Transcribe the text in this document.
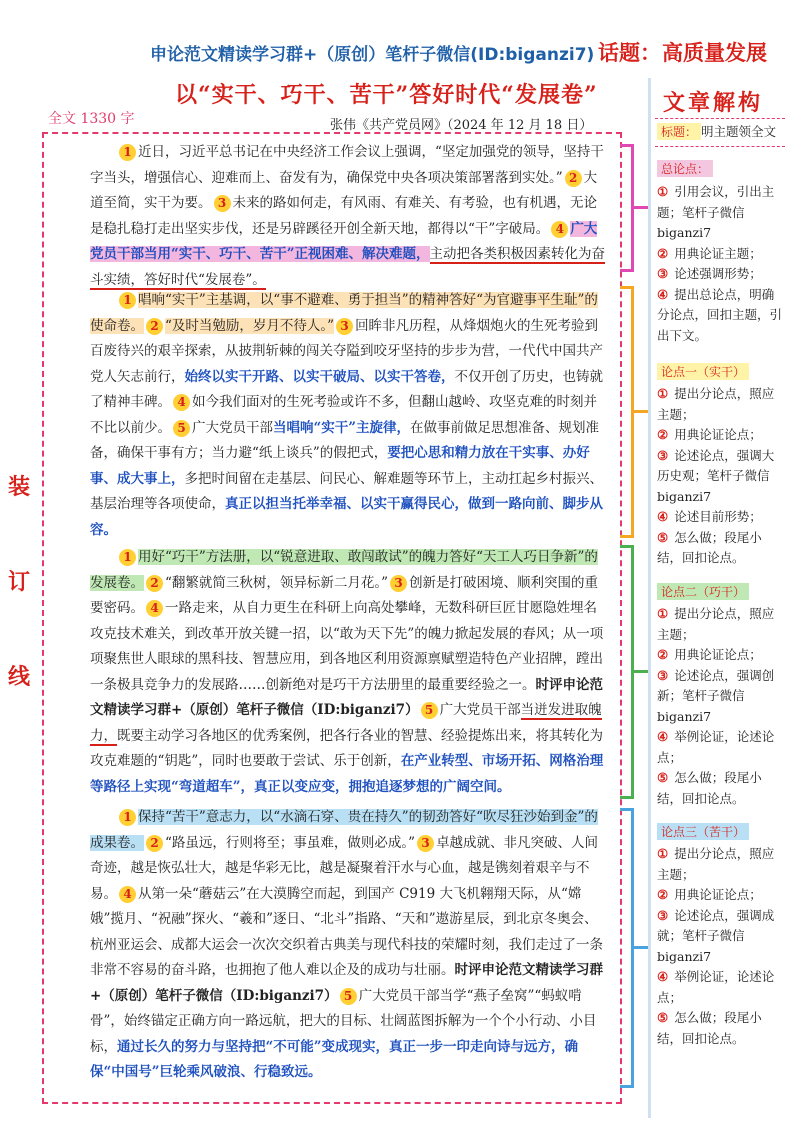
申论范文精读学习群+（原创）笔杆子微信(ID:biganzi7) 话题： 高质量发展
以“实干、巧干、苦干”答好时代“发展卷”
全文 1330 字	张伟《共产党员网》（2024 年 12 月 18 日）
装
订
线

1 近日，习近平总书记在中央经济工作会议上强调，“坚定加强党的领导，坚持干字当头，增强信心、迎难而上、奋发有为，确保党中央各项决策部署落到实处。” 2 大道至简，实干为要。 3 未来的路如何走，有风雨、有难关、有考验，也有机遇，无论是稳扎稳打走出坚实步伐，还是另辟蹊径开创全新天地，都得以“干”字破局。 4 广大党员干部当用“实干、巧干、苦干”正视困难、解决难题，主动把各类积极因素转化为奋斗实绩，答好时代“发展卷”。

1 唱响“实干”主基调，以“事不避难、勇于担当”的精神答好“为官避事平生耻”的使命卷。 2 “及时当勉励，岁月不待人。” 3 回眸非凡历程，从烽烟炮火的生死考验到百废待兴的艰辛探索，从披荆斩棘的闯关夺隘到咬牙坚持的步步为营，一代代中国共产党人矢志前行，始终以实干开路、以实干破局、以实干答卷，不仅开创了历史，也铸就了精神丰碑。 4 如今我们面对的生死考验或许不多，但翻山越岭、攻坚克难的时刻并不比以前少。 5 广大党员干部当唱响“实干”主旋律，在做事前做足思想准备、规划准备，确保干事有方；当力避“纸上谈兵”的假把式，要把心思和精力放在干实事、办好事、成大事上，多把时间留在走基层、问民心、解难题等环节上，主动扛起乡村振兴、基层治理等各项使命，真正以担当托举幸福、以实干赢得民心，做到一路向前、脚步从容。

1 用好“巧干”方法册，以“锐意进取、敢闯敢试”的魄力答好“天工人巧日争新”的发展卷。 2 “翻繁就简三秋树，领异标新二月花。” 3 创新是打破困境、顺利突围的重要密码。 4 一路走来，从自力更生在科研上向高处攀峰，无数科研巨匠甘愿隐姓埋名攻克技术难关，到改革开放关键一招，以“敢为天下先”的魄力掀起发展的春风；从一项项聚焦世人眼球的黑科技、智慧应用，到各地区利用资源禀赋塑造特色产业招牌，蹚出一条极具竞争力的发展路……创新绝对是巧干方法册里的最重要经验之一。时评申论范文精读学习群+（原创）笔杆子微信（ID:biganzi7） 5 广大党员干部当迸发进取魄力，既要主动学习各地区的优秀案例，把各行各业的智慧、经验提炼出来，将其转化为攻克难题的“钥匙”，同时也要敢于尝试、乐于创新，在产业转型、市场开拓、网格治理等路径上实现“弯道超车”，真正以变应变，拥抱追逐梦想的广阔空间。

1 保持“苦干”意志力，以“水滴石穿、贵在持久”的韧劲答好“吹尽狂沙始到金”的成果卷。 2 “路虽远，行则将至；事虽难，做则必成。” 3 卓越成就、非凡突破、人间奇迹，越是恢弘壮大，越是华彩无比，越是凝聚着汗水与心血，越是镌刻着艰辛与不易。 4 从第一朵“蘑菇云”在大漠腾空而起，到国产 C919 大飞机翱翔天际，从“嫦娥”揽月、“祝融”探火、“羲和”逐日、“北斗”指路、“天和”遨游星辰，到北京冬奥会、杭州亚运会、成都大运会一次次交织着古典美与现代科技的荣耀时刻，我们走过了一条非常不容易的奋斗路，也拥抱了他人难以企及的成功与壮丽。时评申论范文精读学习群+（原创）笔杆子微信（ID:biganzi7） 5 广大党员干部当学“燕子垒窝”“蚂蚁啃骨”，始终锚定正确方向一路远航，把大的目标、壮阔蓝图拆解为一个个小行动、小目标，通过长久的努力与坚持把“不可能”变成现实，真正一步一印走向诗与远方，确保“中国号”巨轮乘风破浪、行稳致远。

文章解构
标题： 明主题领全文
总论点：
① 引用会议，引出主题；笔杆子微信 biganzi7
② 用典论证主题；
③ 论述强调形势；
④ 提出总论点，明确分论点，回扣主题，引出下文。
论点一（实干）
① 提出分论点，照应主题；
② 用典论证论点；
③ 论述论点，强调大历史观；笔杆子微信 biganzi7
④ 论述目前形势；
⑤ 怎么做；段尾小结，回扣论点。
论点二（巧干）
① 提出分论点，照应主题；
② 用典论证论点；
③ 论述论点，强调创新；笔杆子微信 biganzi7
④ 举例论证，论述论点；
⑤ 怎么做；段尾小结，回扣论点。
论点三（苦干）
① 提出分论点，照应主题；
② 用典论证论点；
③ 论述论点，强调成就；笔杆子微信 biganzi7
④ 举例论证，论述论点；
⑤ 怎么做；段尾小结，回扣论点。
